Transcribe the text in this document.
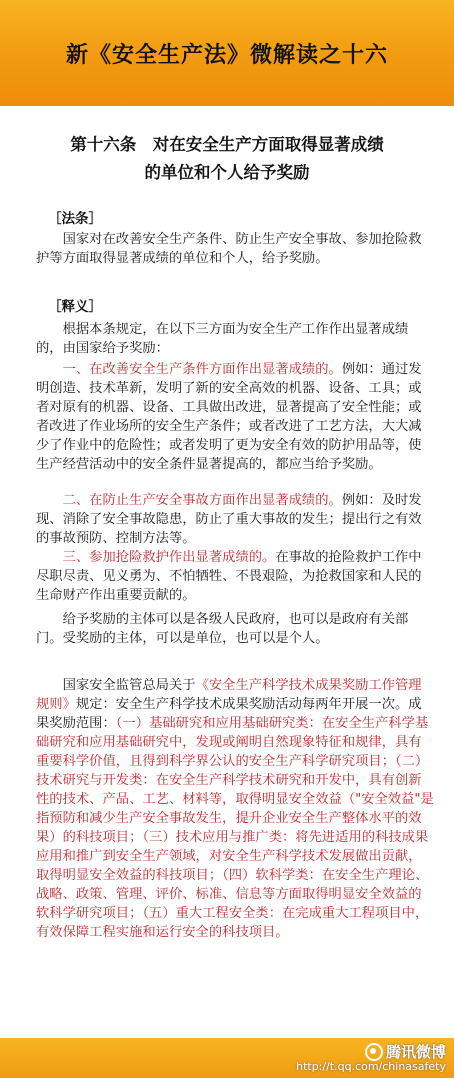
新《安全生产法》微解读之十六
第十六条　对在安全生产方面取得显著成绩
的单位和个人给予奖励
［法条］

国家对在改善安全生产条件、防止生产安全事故、参加抢险救护等方面取得显著成绩的单位和个人，给予奖励。

［释义］

根据本条规定，在以下三方面为安全生产工作作出显著成绩的，由国家给予奖励：

一、在改善安全生产条件方面作出显著成绩的。例如：通过发明创造、技术革新，发明了新的安全高效的机器、设备、工具；或者对原有的机器、设备、工具做出改进，显著提高了安全性能；或者改进了作业场所的安全生产条件；或者改进了工艺方法，大大减少了作业中的危险性；或者发明了更为安全有效的防护用品等，使生产经营活动中的安全条件显著提高的，都应当给予奖励。

二、在防止生产安全事故方面作出显著成绩的。例如：及时发现、消除了安全事故隐患，防止了重大事故的发生；提出行之有效的事故预防、控制方法等。

三、参加抢险救护作出显著成绩的。在事故的抢险救护工作中尽职尽责、见义勇为、不怕牺牲、不畏艰险，为抢救国家和人民的生命财产作出重要贡献的。

给予奖励的主体可以是各级人民政府，也可以是政府有关部门。受奖励的主体，可以是单位，也可以是个人。

国家安全监管总局关于《安全生产科学技术成果奖励工作管理规则》规定：安全生产科学技术成果奖励活动每两年开展一次。成果奖励范围：（一）基础研究和应用基础研究类：在安全生产科学基础研究和应用基础研究中，发现或阐明自然现象特征和规律，具有重要科学价值，且得到科学界公认的安全生产科学研究项目；（二）技术研究与开发类：在安全生产科学技术研究和开发中，具有创新性的技术、产品、工艺、材料等，取得明显安全效益（"安全效益"是指预防和减少生产安全事故发生，提升企业安全生产整体水平的效果）的科技项目；（三）技术应用与推广类：将先进适用的科技成果应用和推广到安全生产领域，对安全生产科学技术发展做出贡献，取得明显安全效益的科技项目；（四）软科学类：在安全生产理论、战略、政策、管理、评价、标准、信息等方面取得明显安全效益的软科学研究项目；（五）重大工程安全类：在完成重大工程项目中，有效保障工程实施和运行安全的科技项目。

腾讯微博
http://t.qq.com/chinasafety
